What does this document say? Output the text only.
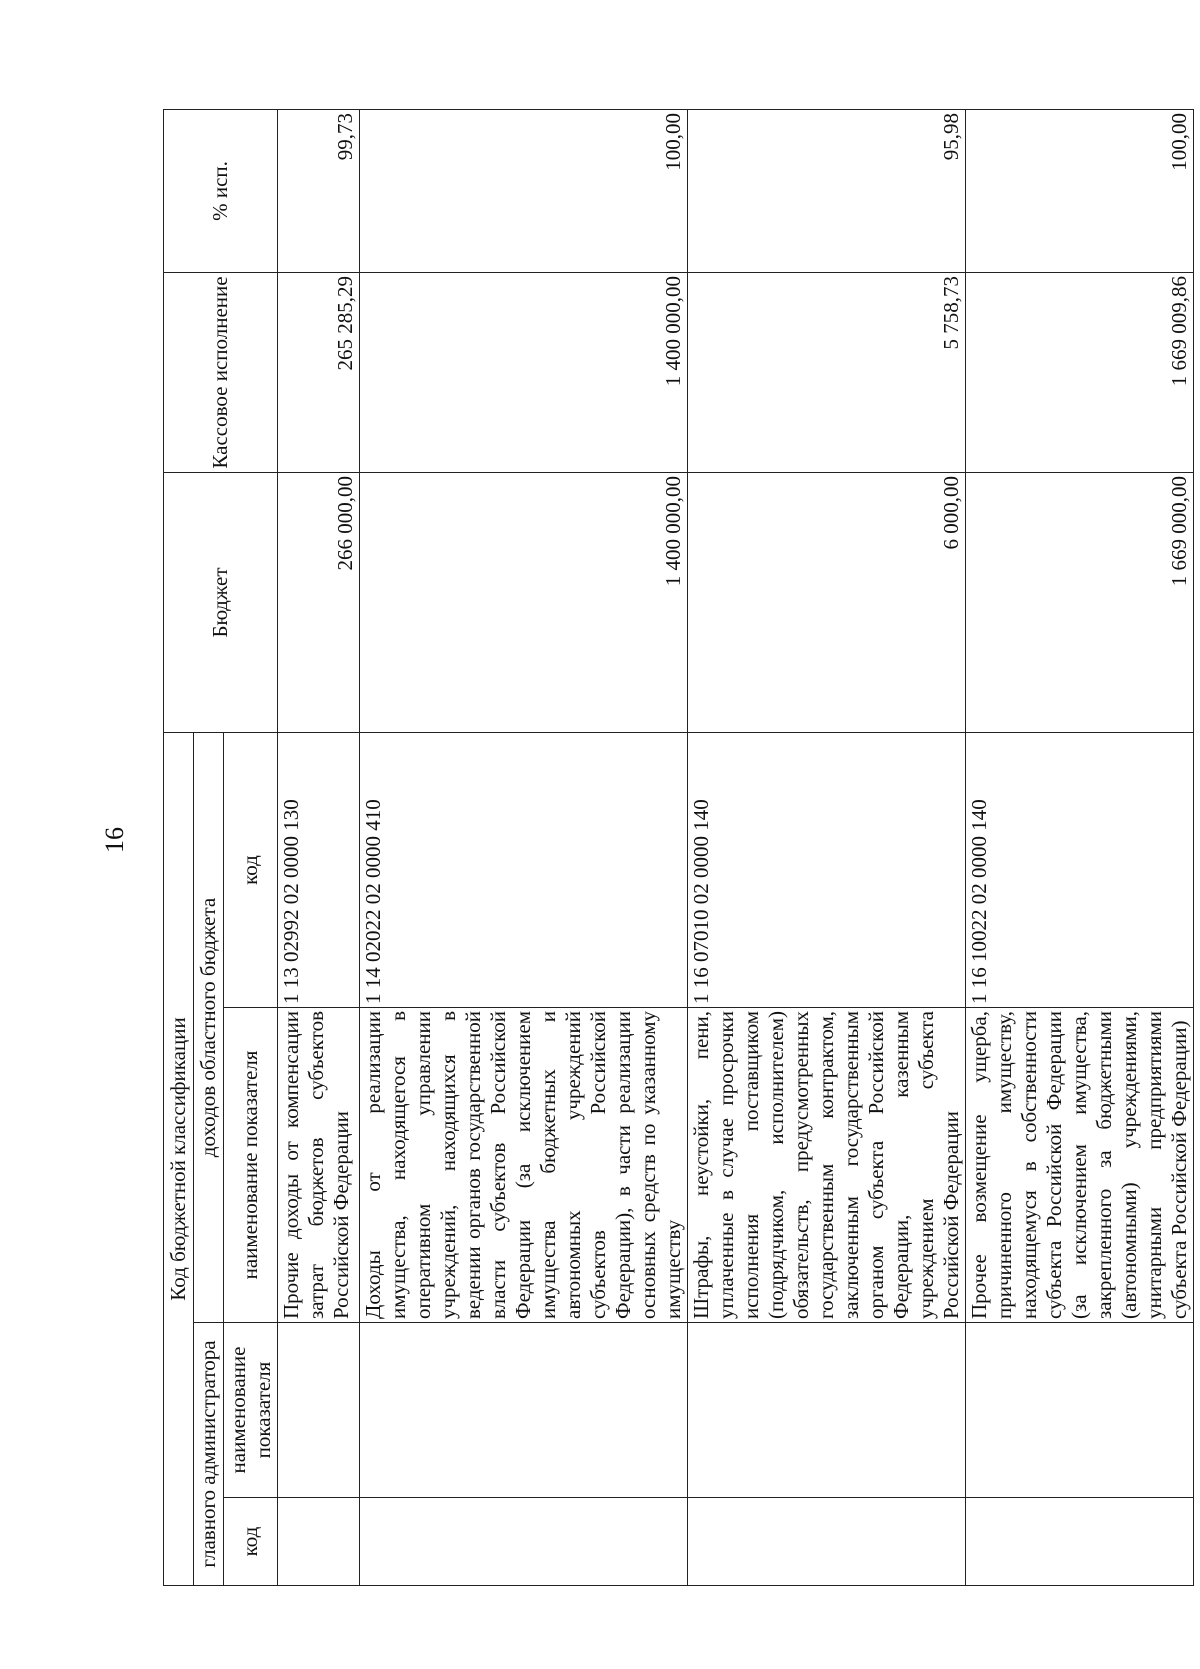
16
Код бюджетной классификации				Бюджет	Кассовое исполнение	% исп.
главного администратора		доходов областного бюджета				
код	наименование показателя	наименование показателя	код			
		Прочие доходы от компенсации затрат бюджетов субъектов Российской Федерации	1 13 02992 02 0000 130	266 000,00	265 285,29	99,73
		Доходы от реализации имущества, находящегося в оперативном управлении учреждений, находящихся в ведении органов государственной власти субъектов Российской Федерации (за исключением имущества бюджетных и автономных учреждений субъектов Российской Федерации), в части реализации основных средств по указанному имуществу	1 14 02022 02 0000 410	1 400 000,00	1 400 000,00	100,00
		Штрафы, неустойки, пени, уплаченные в случае просрочки исполнения поставщиком (подрядчиком, исполнителем) обязательств, предусмотренных государственным контрактом, заключенным государственным органом субъекта Российской Федерации, казенным учреждением субъекта Российской Федерации	1 16 07010 02 0000 140	6 000,00	5 758,73	95,98
		Прочее возмещение ущерба, причиненного имуществу, находящемуся в собственности субъекта Российской Федерации (за исключением имущества, закрепленного за бюджетными (автономными) учреждениями, унитарными предприятиями субъекта Российской Федерации)	1 16 10022 02 0000 140	1 669 000,00	1 669 009,86	100,00
